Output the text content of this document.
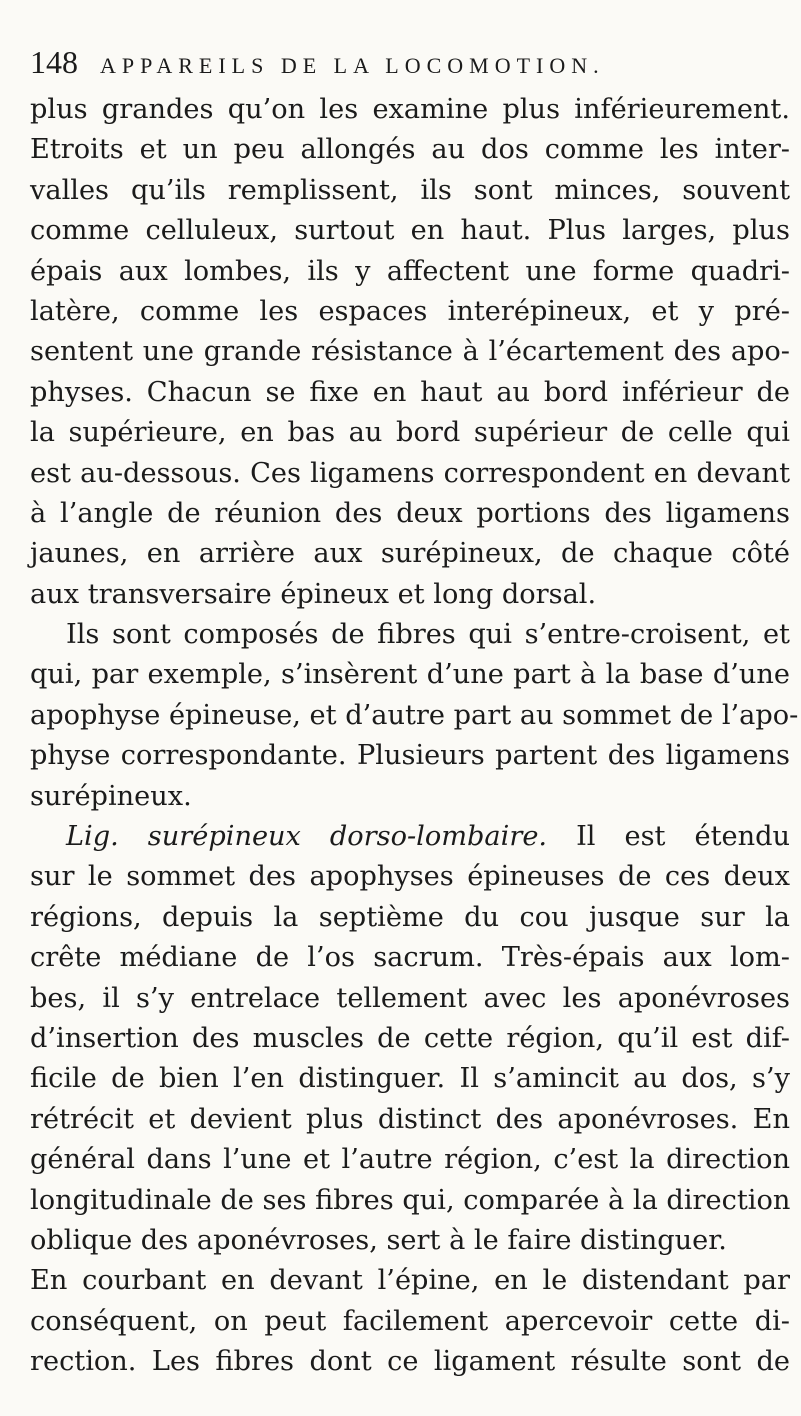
148 APPAREILS DE LA LOCOMOTION.
plus grandes qu’on les examine plus inférieurement.
Etroits et un peu allongés au dos comme les inter-
valles qu’ils remplissent, ils sont minces, souvent
comme celluleux, surtout en haut. Plus larges, plus
épais aux lombes, ils y affectent une forme quadri-
latère, comme les espaces interépineux, et y pré-
sentent une grande résistance à l’écartement des apo-
physes. Chacun se fixe en haut au bord inférieur de
la supérieure, en bas au bord supérieur de celle qui
est au-dessous. Ces ligamens correspondent en devant
à l’angle de réunion des deux portions des ligamens
jaunes, en arrière aux surépineux, de chaque côté
aux transversaire épineux et long dorsal.
Ils sont composés de fibres qui s’entre-croisent, et
qui, par exemple, s’insèrent d’une part à la base d’une
apophyse épineuse, et d’autre part au sommet de l’apo-
physe correspondante. Plusieurs partent des ligamens
surépineux.
Lig. surépineux dorso-lombaire. Il est étendu
sur le sommet des apophyses épineuses de ces deux
régions, depuis la septième du cou jusque sur la
crête médiane de l’os sacrum. Très-épais aux lom-
bes, il s’y entrelace tellement avec les aponévroses
d’insertion des muscles de cette région, qu’il est dif-
ficile de bien l’en distinguer. Il s’amincit au dos, s’y
rétrécit et devient plus distinct des aponévroses. En
général dans l’une et l’autre région, c’est la direction
longitudinale de ses fibres qui, comparée à la direction
oblique des aponévroses, sert à le faire distinguer.
En courbant en devant l’épine, en le distendant par
conséquent, on peut facilement apercevoir cette di-
rection. Les fibres dont ce ligament résulte sont de
